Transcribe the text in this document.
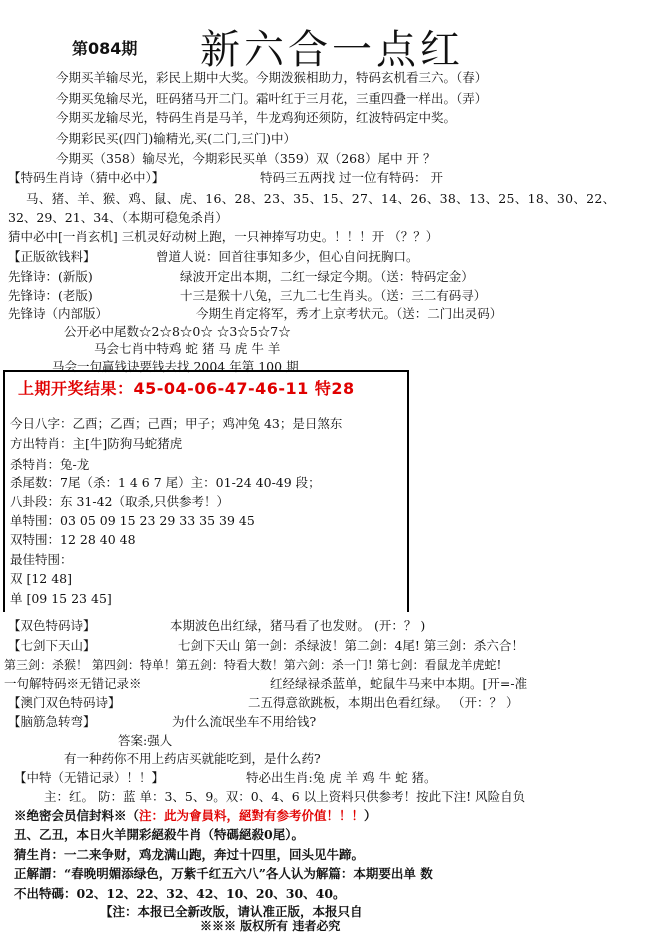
第084期 新六合一点红
今期买羊输尽光，彩民上期中大奖。今期泼猴相助力，特码玄机看三六。（春）
今期买兔输尽光，旺码猪马开二门。霜叶红于三月花，三重四叠一样出。（弄）
今期买龙输尽光，特码生肖是马羊，牛龙鸡狗还须防，红波特码定中奖。
今期彩民买(四门)输精光,买(二门,三门)中）
今期买（358）输尽光，今期彩民买单（359）双（268）尾中 开 ？
【特码生肖诗（猜中必中）】	特码三五两找 过一位有特码： 开
马、猪、羊、猴、鸡、鼠、虎、16、28、23、35、15、27、14、26、38、13、25、18、30、22、
32、29、21、34、（本期可稳兔杀肖）
猜中必中[一肖玄机] 三机灵好动树上跑，一只神捧写功史。！！！开 （？？）
【正版欲钱料】	曾道人说：回首往事知多少，但心自问抚胸口。
先锋诗：(新版)	绿波开定出本期，二红一绿定今期。（送：特码定金）
先锋诗：(老版)	十三是猴十八兔，三九二七生肖头。（送：三二有码寻）
先锋诗（内部版）	今期生肖定将军，秀才上京考状元。（送：二门出灵码）
公开必中尾数☆2☆8☆0☆ ☆3☆5☆7☆
马会七肖中特鸡 蛇 猪 马 虎 牛 羊
马会一句赢钱诀要钱去找 2004 年第 100 期
上期开奖结果：45-04-06-47-46-11 特28
今日八字：乙酉；乙酉；己酉；甲子；鸡冲兔 43；是日煞东
方出特肖：主[牛]防狗马蛇猪虎
杀特肖：兔-龙
杀尾数：7尾（杀：1 4 6 7 尾）主：01-24 40-49 段；
八卦段：东 31-42（取杀,只供参考！）
单特围：03 05 09 15 23 29 33 35 39 45
双特围：12 28 40 48
最佳特围：
双 [12 48]
单 [09 15 23 45]
【双色特码诗】	本期波色出红绿，猪马看了也发财。 (开：？ )
【七剑下天山】	七剑下天山 第一剑：杀绿波！第二剑：4尾! 第三剑：杀六合！
第三剑：杀猴！ 第四剑：特单！第五剑：特看大数！第六剑：杀一门! 第七剑：看鼠龙羊虎蛇!
一句解特码※无错记录※	红经绿禄杀蓝单，蛇鼠牛马来中本期。[开=-准
【澳门双色特码诗】	二五得意欲跳板，本期出色看红绿。 （开：？ ）
【脑筋急转弯】	为什么流氓坐车不用给钱?
答案:强人
有一种药你不用上药店买就能吃到，是什么药?
【中特（无错记录）！！】	特必出生肖:兔 虎 羊 鸡 牛 蛇 猪。
主：红。 防：蓝 单：3、5、9。双：0、4、6 以上资料只供参考！按此下注! 风险自负
※绝密会员信封料※（注：此为會員料，絕對有参考价值！！！）
丑、乙丑，本日火羊開彩絕殺牛肖（特碼絕殺0尾）。
猜生肖：一二来争财，鸡龙满山跑，奔过十四里，回头见牛蹄。
正解謂：“春晚明媚添绿色，万紫千红五六八”各人认为解篇：本期要出单 数
不出特碼：02、12、22、32、42、10、20、30、40。
【注：本报已全新改版，请认准正版，本报只自
※※※ 版权所有 违者必究
